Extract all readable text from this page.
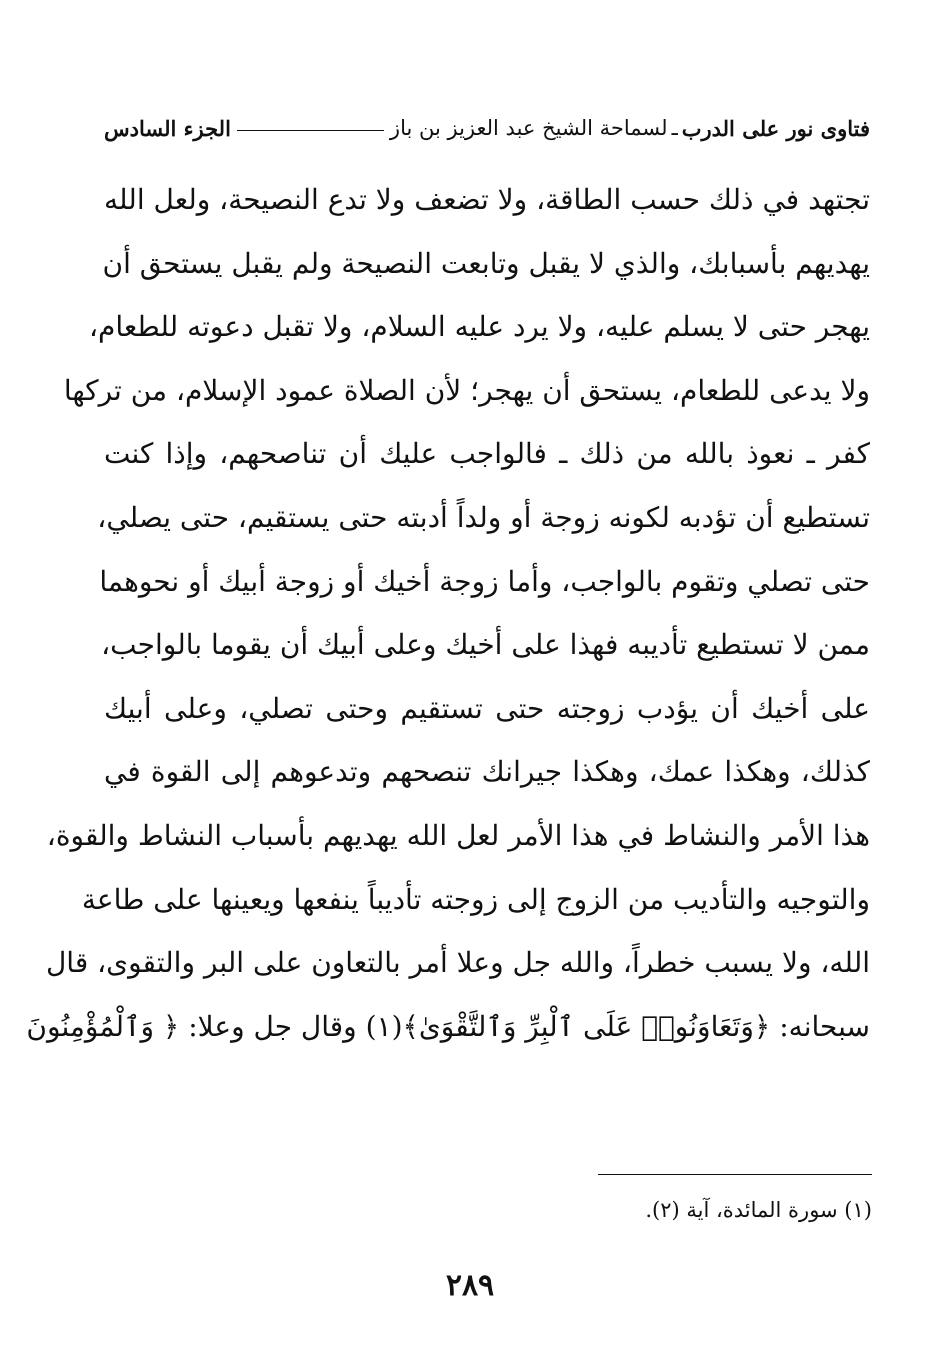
فتاوى نور على الدرب
ـ
لسماحة الشيخ عبد العزيز بن باز
الجزء السادس
تجتهد في ذلك حسب الطاقة، ولا تضعف ولا تدع النصيحة، ولعل الله
يهديهم بأسبابك، والذي لا يقبل وتابعت النصيحة ولم يقبل يستحق أن
يهجر حتى لا يسلم عليه، ولا يرد عليه السلام، ولا تقبل دعوته للطعام،
ولا يدعى للطعام، يستحق أن يهجر؛ لأن الصلاة عمود الإسلام، من تركها
كفر ـ نعوذ بالله من ذلك ـ فالواجب عليك أن تناصحهم، وإذا كنت
تستطيع أن تؤدبه لكونه زوجة أو ولداً أدبته حتى يستقيم، حتى يصلي،
حتى تصلي وتقوم بالواجب، وأما زوجة أخيك أو زوجة أبيك أو نحوهما
ممن لا تستطيع تأديبه فهذا على أخيك وعلى أبيك أن يقوما بالواجب،
على أخيك أن يؤدب زوجته حتى تستقيم وحتى تصلي، وعلى أبيك
كذلك، وهكذا عمك، وهكذا جيرانك تنصحهم وتدعوهم إلى القوة في
هذا الأمر والنشاط في هذا الأمر لعل الله يهديهم بأسباب النشاط والقوة،
والتوجيه والتأديب من الزوج إلى زوجته تأديباً ينفعها ويعينها على طاعة
الله، ولا يسبب خطراً، والله جل وعلا أمر بالتعاون على البر والتقوى، قال
سبحانه: ﴿وَتَعَاوَنُوا۟ عَلَى ٱلْبِرِّ وَٱلتَّقْوَىٰ﴾(١) وقال جل وعلا: ﴿ وَٱلْمُؤْمِنُونَ
(١) سورة المائدة، آية (٢).
٢٨٩
